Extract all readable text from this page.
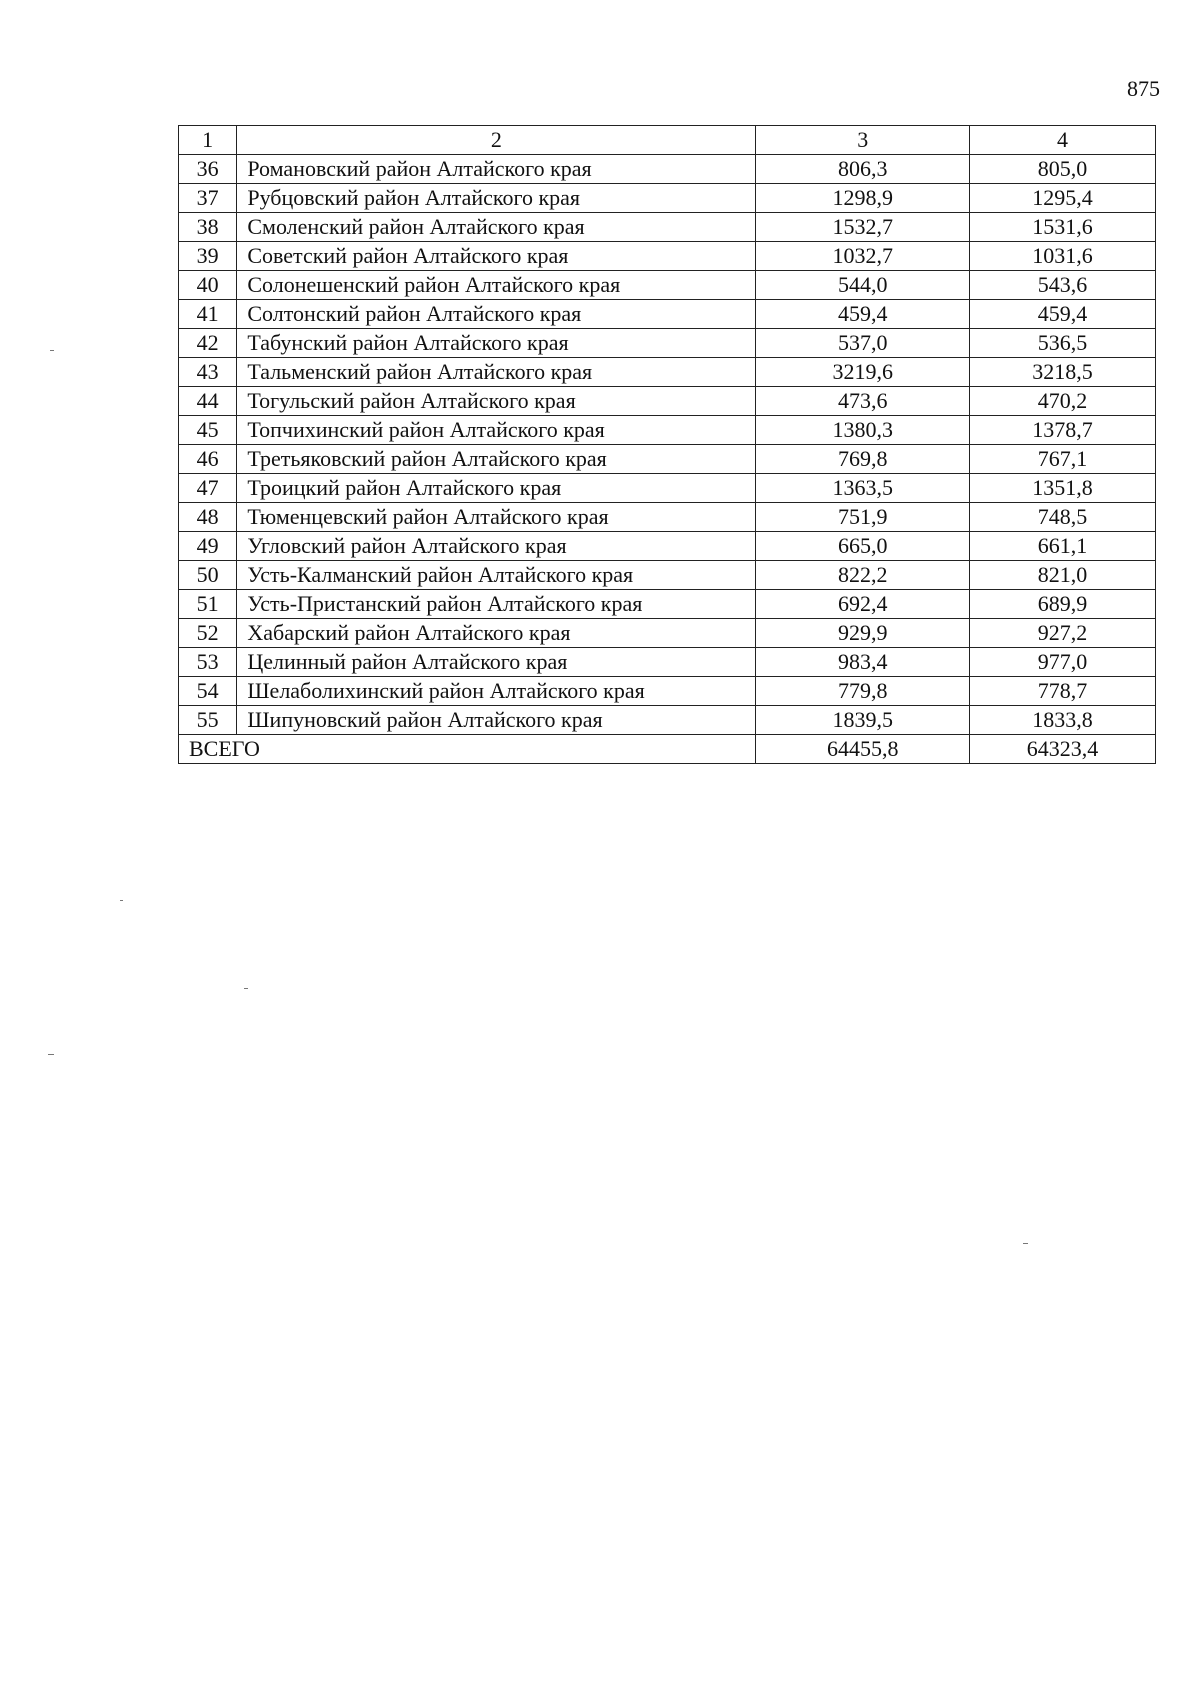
875
1	2	3	4
36	Романовский район Алтайского края	806,3	805,0
37	Рубцовский район Алтайского края	1298,9	1295,4
38	Смоленский район Алтайского края	1532,7	1531,6
39	Советский район Алтайского края	1032,7	1031,6
40	Солонешенский район Алтайского края	544,0	543,6
41	Солтонский район Алтайского края	459,4	459,4
42	Табунский район Алтайского края	537,0	536,5
43	Тальменский район Алтайского края	3219,6	3218,5
44	Тогульский район Алтайского края	473,6	470,2
45	Топчихинский район Алтайского края	1380,3	1378,7
46	Третьяковский район Алтайского края	769,8	767,1
47	Троицкий район Алтайского края	1363,5	1351,8
48	Тюменцевский район Алтайского края	751,9	748,5
49	Угловский район Алтайского края	665,0	661,1
50	Усть-Калманский район Алтайского края	822,2	821,0
51	Усть-Пристанский район Алтайского края	692,4	689,9
52	Хабарский район Алтайского края	929,9	927,2
53	Целинный район Алтайского края	983,4	977,0
54	Шелаболихинский район Алтайского края	779,8	778,7
55	Шипуновский район Алтайского края	1839,5	1833,8
ВСЕГО		64455,8	64323,4
